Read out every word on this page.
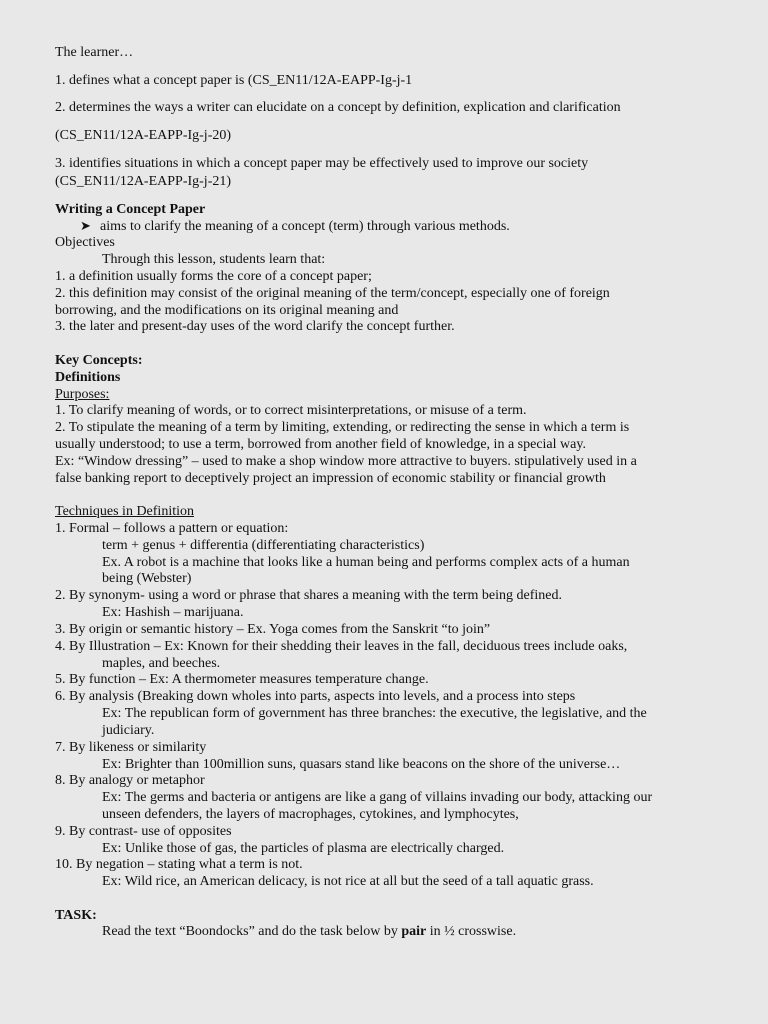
The learner…
1. defines what a concept paper is (CS_EN11/12A-EAPP-Ig-j-1
2. determines the ways a writer can elucidate on a concept by definition, explication and clarification
(CS_EN11/12A-EAPP-Ig-j-20)
3. identifies situations in which a concept paper may be effectively used to improve our society
(CS_EN11/12A-EAPP-Ig-j-21)
Writing a Concept Paper
➤ aims to clarify the meaning of a concept (term) through various methods.
Objectives
Through this lesson, students learn that:
1. a definition usually forms the core of a concept paper;
2. this definition may consist of the original meaning of the term/concept, especially one of foreign
borrowing, and the modifications on its original meaning and
3. the later and present-day uses of the word clarify the concept further.
Key Concepts:
Definitions
Purposes:
1. To clarify meaning of words, or to correct misinterpretations, or misuse of a term.
2. To stipulate the meaning of a term by limiting, extending, or redirecting the sense in which a term is
usually understood; to use a term, borrowed from another field of knowledge, in a special way.
Ex: “Window dressing” – used to make a shop window more attractive to buyers. stipulatively used in a
false banking report to deceptively project an impression of economic stability or financial growth
Techniques in Definition
1. Formal – follows a pattern or equation:
term + genus + differentia (differentiating characteristics)
Ex. A robot is a machine that looks like a human being and performs complex acts of a human
being (Webster)
2. By synonym- using a word or phrase that shares a meaning with the term being defined.
Ex: Hashish – marijuana.
3. By origin or semantic history – Ex. Yoga comes from the Sanskrit “to join”
4. By Illustration – Ex: Known for their shedding their leaves in the fall, deciduous trees include oaks,
maples, and beeches.
5. By function – Ex: A thermometer measures temperature change.
6. By analysis (Breaking down wholes into parts, aspects into levels, and a process into steps
Ex: The republican form of government has three branches: the executive, the legislative, and the
judiciary.
7. By likeness or similarity
Ex: Brighter than 100million suns, quasars stand like beacons on the shore of the universe…
8. By analogy or metaphor
Ex: The germs and bacteria or antigens are like a gang of villains invading our body, attacking our
unseen defenders, the layers of macrophages, cytokines, and lymphocytes,
9. By contrast- use of opposites
Ex: Unlike those of gas, the particles of plasma are electrically charged.
10. By negation – stating what a term is not.
Ex: Wild rice, an American delicacy, is not rice at all but the seed of a tall aquatic grass.
TASK:
Read the text “Boondocks” and do the task below by pair in ½ crosswise.
